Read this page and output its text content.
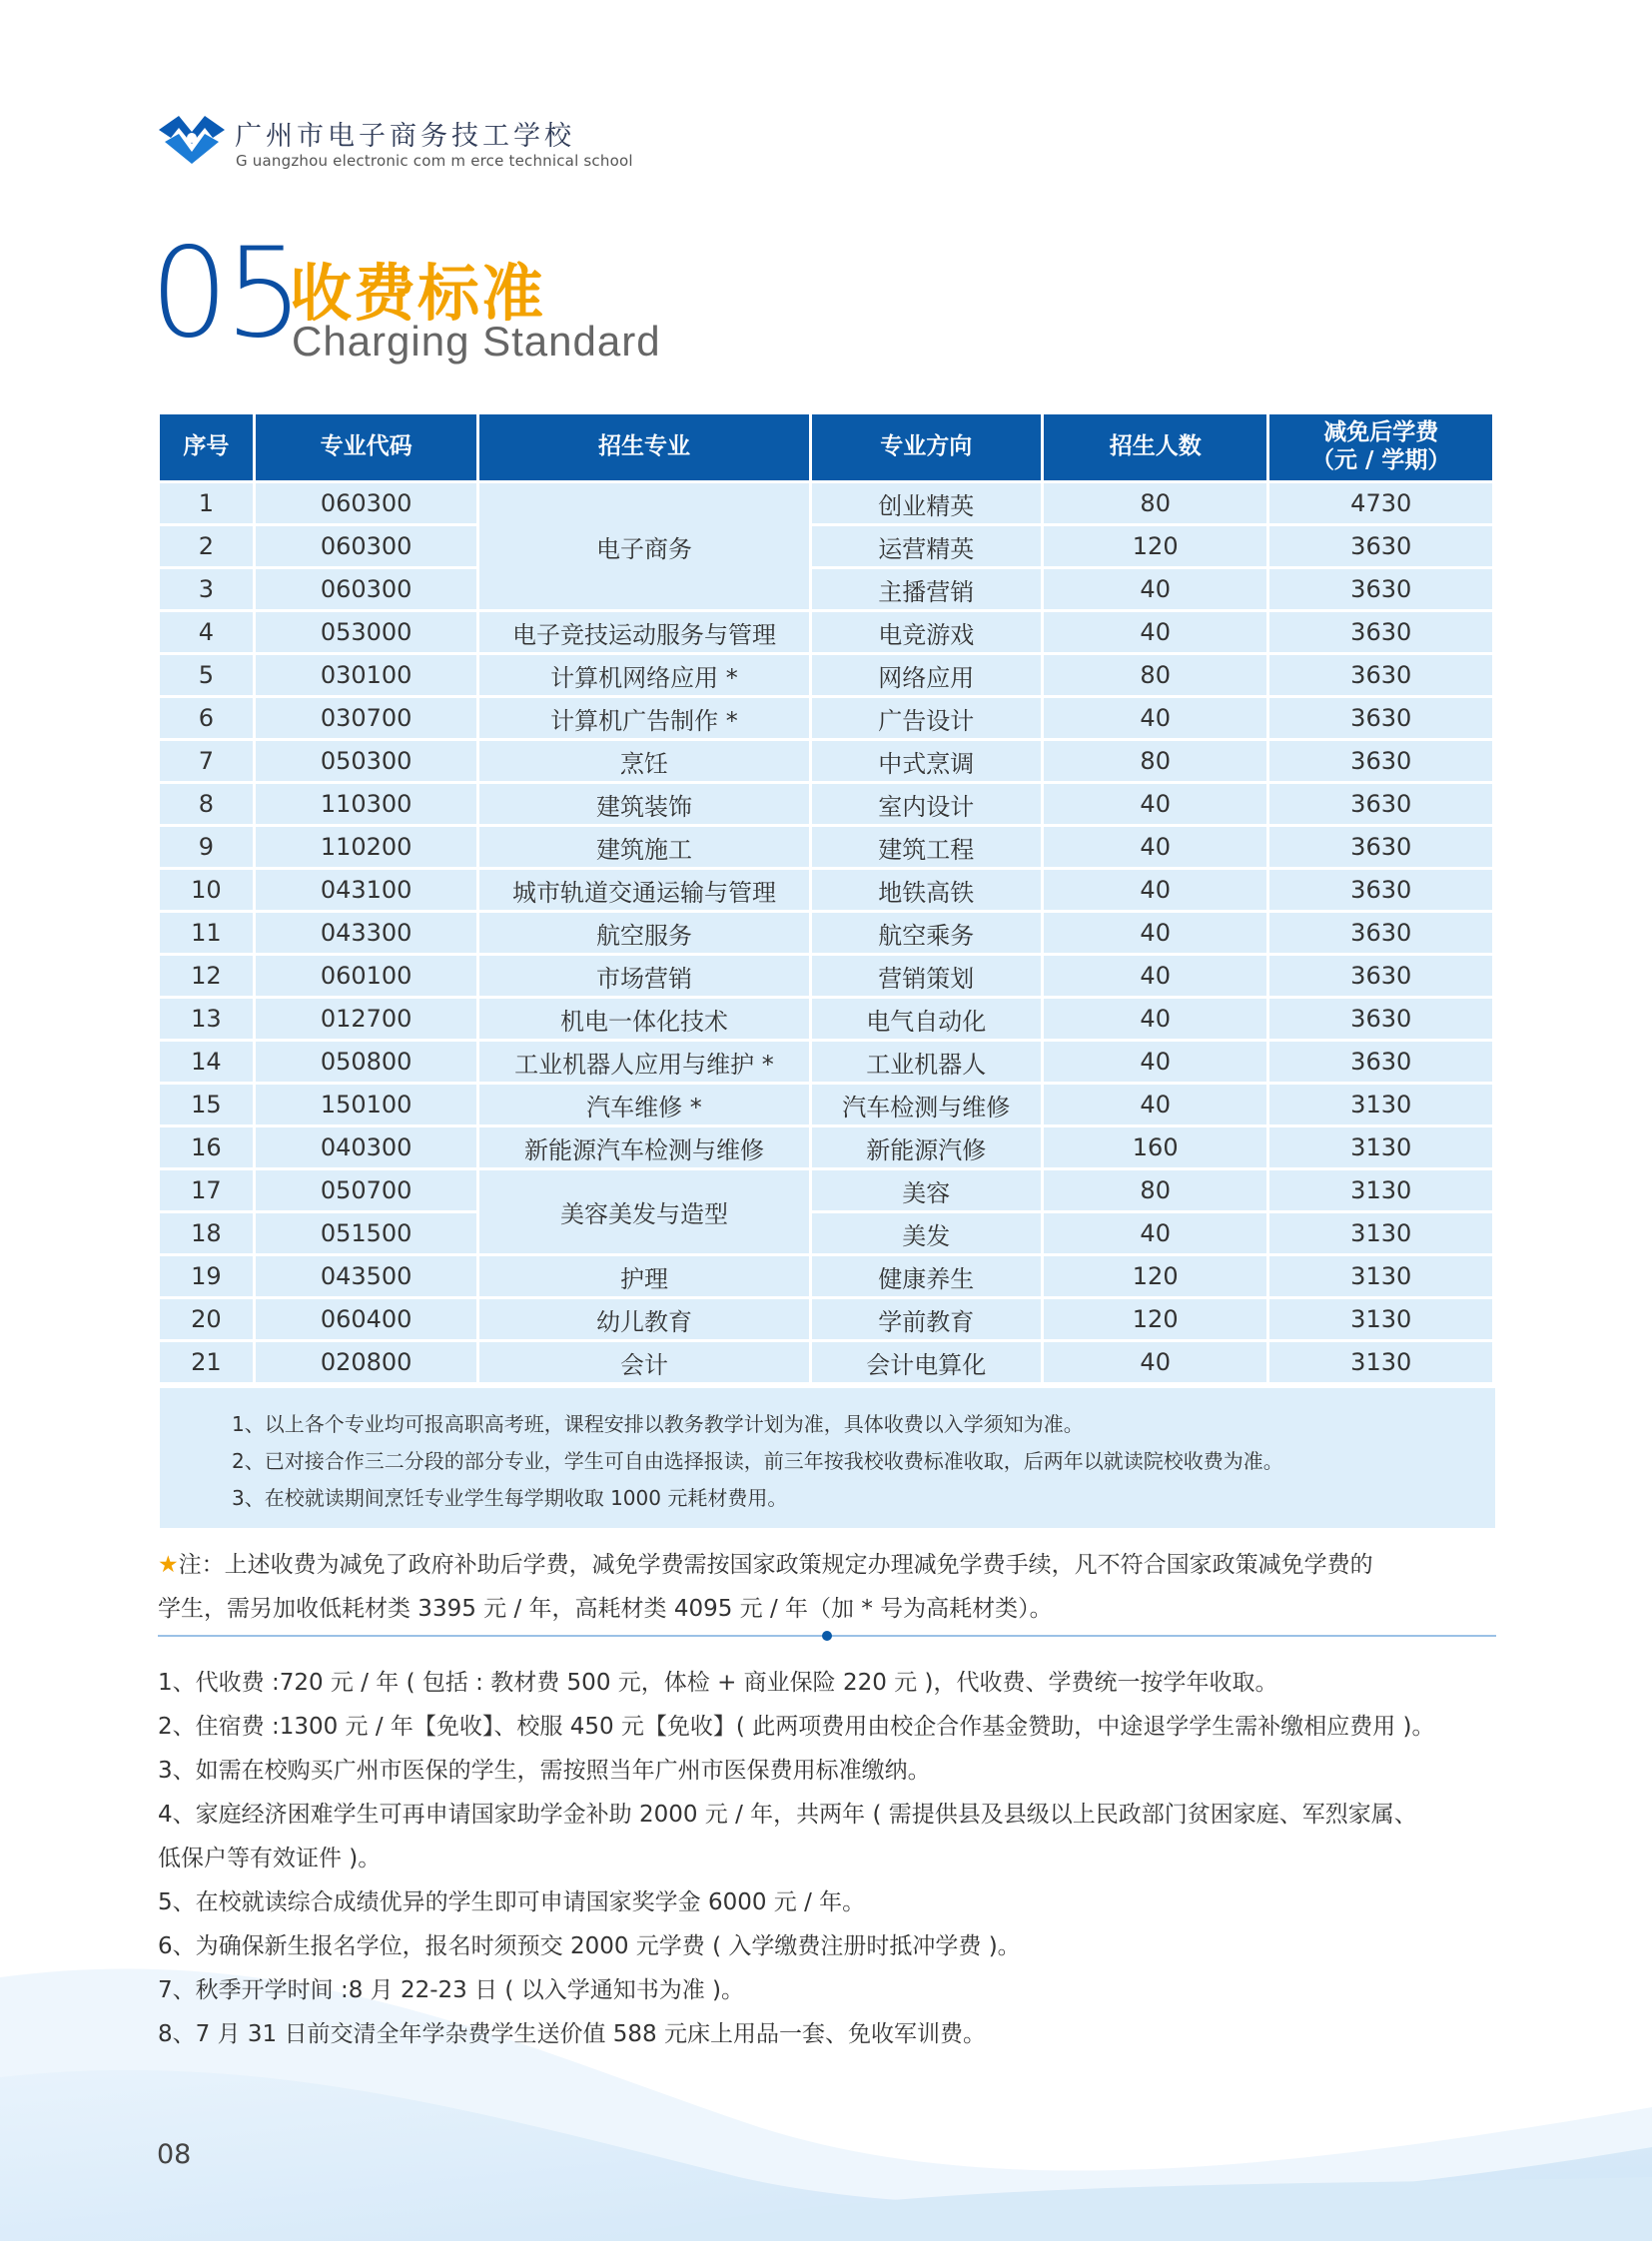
广州市电子商务技工学校
G uangzhou electronic com m erce technical school
05
收费标准
Charging Standard
序号	专业代码	招生专业	专业方向	招生人数	减免后学费
（元 / 学期）
1	060300	电子商务	创业精英	80	4730
2	060300		运营精英	120	3630
3	060300		主播营销	40	3630
4	053000	电子竞技运动服务与管理	电竞游戏	40	3630
5	030100	计算机网络应用 *	网络应用	80	3630
6	030700	计算机广告制作 *	广告设计	40	3630
7	050300	烹饪	中式烹调	80	3630
8	110300	建筑装饰	室内设计	40	3630
9	110200	建筑施工	建筑工程	40	3630
10	043100	城市轨道交通运输与管理	地铁高铁	40	3630
11	043300	航空服务	航空乘务	40	3630
12	060100	市场营销	营销策划	40	3630
13	012700	机电一体化技术	电气自动化	40	3630
14	050800	工业机器人应用与维护 *	工业机器人	40	3630
15	150100	汽车维修 *	汽车检测与维修	40	3130
16	040300	新能源汽车检测与维修	新能源汽修	160	3130
17	050700	美容美发与造型	美容	80	3130
18	051500		美发	40	3130
19	043500	护理	健康养生	120	3130
20	060400	幼儿教育	学前教育	120	3130
21	020800	会计	会计电算化	40	3130
1、以上各个专业均可报高职高考班，课程安排以教务教学计划为准，具体收费以入学须知为准。
2、已对接合作三二分段的部分专业，学生可自由选择报读，前三年按我校收费标准收取，后两年以就读院校收费为准。
3、在校就读期间烹饪专业学生每学期收取 1000 元耗材费用。
★注：上述收费为减免了政府补助后学费，减免学费需按国家政策规定办理减免学费手续，凡不符合国家政策减免学费的
学生，需另加收低耗材类 3395 元 / 年，高耗材类 4095 元 / 年（加 * 号为高耗材类）。
1、代收费 :720 元 / 年 ( 包括 : 教材费 500 元，体检 + 商业保险 220 元 )，代收费、学费统一按学年收取。
2、住宿费 :1300 元 / 年【免收】、校服 450 元【免收】( 此两项费用由校企合作基金赞助，中途退学学生需补缴相应费用 )。
3、如需在校购买广州市医保的学生，需按照当年广州市医保费用标准缴纳。
4、家庭经济困难学生可再申请国家助学金补助 2000 元 / 年，共两年 ( 需提供县及县级以上民政部门贫困家庭、军烈家属、
低保户等有效证件 )。
5、在校就读综合成绩优异的学生即可申请国家奖学金 6000 元 / 年。
6、为确保新生报名学位，报名时须预交 2000 元学费 ( 入学缴费注册时抵冲学费 )。
7、秋季开学时间 :8 月 22-23 日 ( 以入学通知书为准 )。
8、7 月 31 日前交清全年学杂费学生送价值 588 元床上用品一套、免收军训费。
08
